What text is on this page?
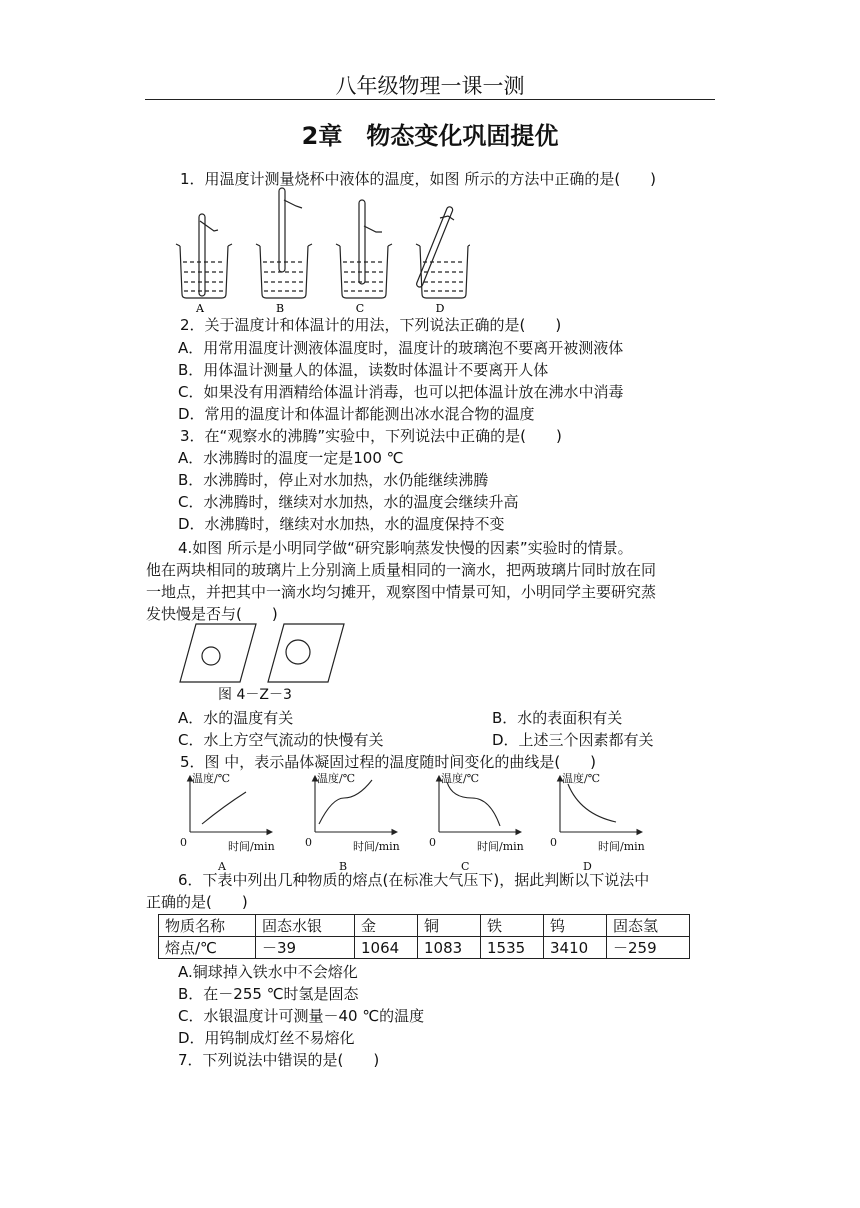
八年级物理一课一测
2章　物态变化巩固提优
1．用温度计测量烧杯中液体的温度，如图 所示的方法中正确的是(　　)
A	B	C	D
2．关于温度计和体温计的用法，下列说法正确的是(　　)
A．用常用温度计测液体温度时，温度计的玻璃泡不要离开被测液体
B．用体温计测量人的体温，读数时体温计不要离开人体
C．如果没有用酒精给体温计消毒，也可以把体温计放在沸水中消毒
D．常用的温度计和体温计都能测出冰水混合物的温度
3．在“观察水的沸腾”实验中，下列说法中正确的是(　　)
A．水沸腾时的温度一定是100 ℃
B．水沸腾时，停止对水加热，水仍能继续沸腾
C．水沸腾时，继续对水加热，水的温度会继续升高
D．水沸腾时，继续对水加热，水的温度保持不变
4.如图 所示是小明同学做“研究影响蒸发快慢的因素”实验时的情景。
他在两块相同的玻璃片上分别滴上质量相同的一滴水，把两玻璃片同时放在同
一地点，并把其中一滴水均匀摊开，观察图中情景可知，小明同学主要研究蒸
发快慢是否与(　　)
图 4－Z－3
A．水的温度有关	B．水的表面积有关
C．水上方空气流动的快慢有关	D．上述三个因素都有关
5．图 中，表示晶体凝固过程的温度随时间变化的曲线是(　　)
温度/℃	温度/℃	温度/℃	温度/℃
0	0	0	0
时间/min	时间/min	时间/min	时间/min
A	B	C	D
6．下表中列出几种物质的熔点(在标准大气压下)，据此判断以下说法中
正确的是(　　)
物质名称	固态水银	金	铜	铁	钨	固态氢
熔点/℃	－39	1064	1083	1535	3410	－259
A.铜球掉入铁水中不会熔化
B．在－255 ℃时氢是固态
C．水银温度计可测量－40 ℃的温度
D．用钨制成灯丝不易熔化
7．下列说法中错误的是(　　)
